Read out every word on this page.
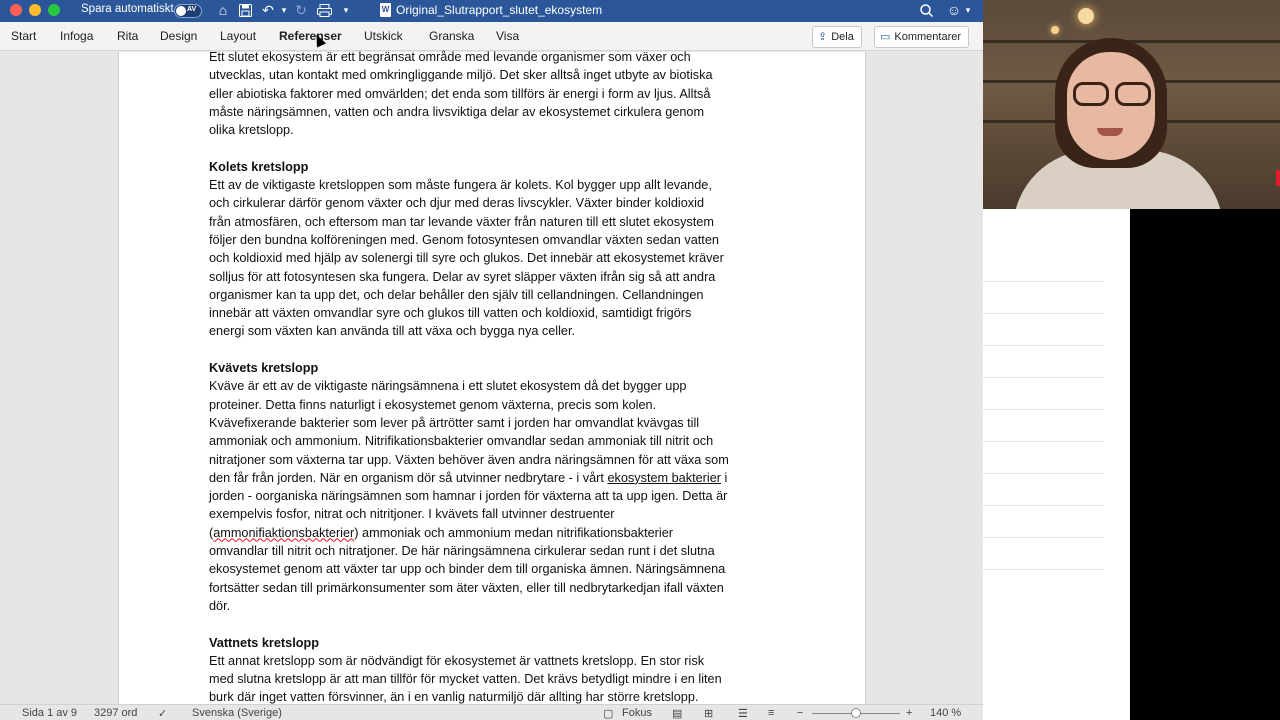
Spara automatiskt AV ⌂ ↶ ▾ ↻	▾	W Original_Slutrapport_slutet_ekosystem	☺ ▾
Start Infoga Rita Design Layout Referenser Utskick Granska Visa	⇪ Dela	▭ Kommentarer

Ett slutet ekosystem är ett begränsat område med levande organismer som växer och

utvecklas, utan kontakt med omkringliggande miljö. Det sker alltså inget utbyte av biotiska

eller abiotiska faktorer med omvärlden; det enda som tillförs är energi i form av ljus. Alltså

måste näringsämnen, vatten och andra livsviktiga delar av ekosystemet cirkulera genom

olika kretslopp.

Kolets kretslopp

Ett av de viktigaste kretsloppen som måste fungera är kolets. Kol bygger upp allt levande,

och cirkulerar därför genom växter och djur med deras livscykler. Växter binder koldioxid

från atmosfären, och eftersom man tar levande växter från naturen till ett slutet ekosystem

följer den bundna kolföreningen med. Genom fotosyntesen omvandlar växten sedan vatten

och koldioxid med hjälp av solenergi till syre och glukos. Det innebär att ekosystemet kräver

solljus för att fotosyntesen ska fungera. Delar av syret släpper växten ifrån sig så att andra

organismer kan ta upp det, och delar behåller den själv till cellandningen. Cellandningen

innebär att växten omvandlar syre och glukos till vatten och koldioxid, samtidigt frigörs

energi som växten kan använda till att växa och bygga nya celler.

Kvävets kretslopp

Kväve är ett av de viktigaste näringsämnena i ett slutet ekosystem då det bygger upp

proteiner. Detta finns naturligt i ekosystemet genom växterna, precis som kolen.

Kvävefixerande bakterier som lever på ärtrötter samt i jorden har omvandlat kvävgas till

ammoniak och ammonium. Nitrifikationsbakterier omvandlar sedan ammoniak till nitrit och

nitratjoner som växterna tar upp. Växten behöver även andra näringsämnen för att växa som

den får från jorden. När en organism dör så utvinner nedbrytare - i vårt ekosystem bakterier i

jorden - oorganiska näringsämnen som hamnar i jorden för växterna att ta upp igen. Detta är

exempelvis fosfor, nitrat och nitritjoner. I kvävets fall utvinner destruenter

(ammonifiaktionsbakterier) ammoniak och ammonium medan nitrifikationsbakterier

omvandlar till nitrit och nitratjoner. De här näringsämnena cirkulerar sedan runt i det slutna

ekosystemet genom att växter tar upp och binder dem till organiska ämnen. Näringsämnena

fortsätter sedan till primärkonsumenter som äter växten, eller till nedbrytarkedjan ifall växten

dör.

Vattnets kretslopp

Ett annat kretslopp som är nödvändigt för ekosystemet är vattnets kretslopp. En stor risk

med slutna kretslopp är att man tillför för mycket vatten. Det krävs betydligt mindre i en liten

burk där inget vatten försvinner, än i en vanlig naturmiljö där allting har större kretslopp.

Sida 1 av 9 3297 ord ✓ Svenska (Sverige)	▢ Fokus ▤ ⊞ ☰ ≡ −	+ 140 %
